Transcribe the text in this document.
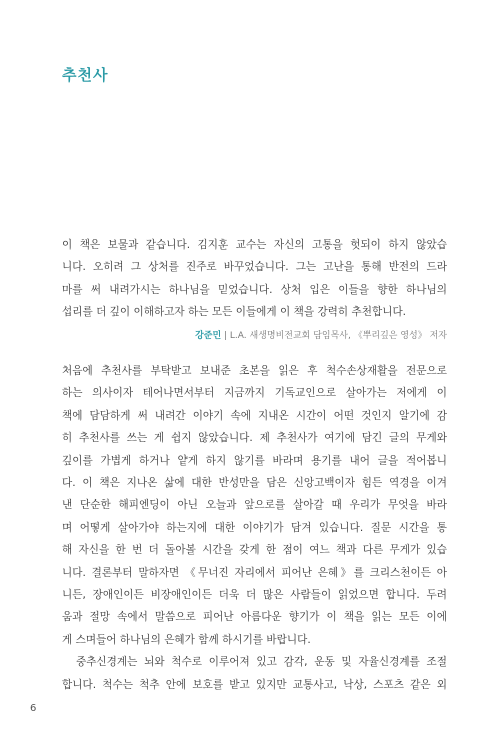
추천사
이 책은 보물과 같습니다. 김지훈 교수는 자신의 고통을 헛되이 하지 않았습
니다. 오히려 그 상처를 진주로 바꾸었습니다. 그는 고난을 통해 반전의 드라
마를 써 내려가시는 하나님을 믿었습니다. 상처 입은 이들을 향한 하나님의
섭리를 더 깊이 이해하고자 하는 모든 이들에게 이 책을 강력히 추천합니다.
강준민 | L.A. 새생명비전교회 담임목사, 《뿌리깊은 영성》 저자
처음에 추천사를 부탁받고 보내준 초본을 읽은 후 척수손상재활을 전문으로
하는 의사이자 테어나면서부터 지금까지 기독교인으로 살아가는 저에게 이
책에 담담하게 써 내려간 이야기 속에 지내온 시간이 어떤 것인지 알기에 감
히 추천사를 쓰는 게 쉽지 않았습니다. 제 추천사가 여기에 담긴 글의 무게와
깊이를 가볍게 하거나 얕게 하지 않기를 바라며 용기를 내어 글을 적어봅니
다. 이 책은 지나온 삶에 대한 반성만을 담은 신앙고백이자 힘든 역경을 이겨
낸 단순한 해피엔딩이 아닌 오늘과 앞으로를 살아갈 때 우리가 무엇을 바라
며 어떻게 살아가야 하는지에 대한 이야기가 담겨 있습니다. 질문 시간을 통
해 자신을 한 번 더 돌아볼 시간을 갖게 한 점이 여느 책과 다른 무게가 있습
니다. 결론부터 말하자면 《무너진 자리에서 피어난 은혜》를 크리스천이든 아
니든, 장애인이든 비장애인이든 더욱 더 많은 사람들이 읽었으면 합니다. 두려
움과 절망 속에서 말씀으로 피어난 아름다운 향기가 이 책을 읽는 모든 이에
게 스며들어 하나님의 은혜가 함께 하시기를 바랍니다.
　중추신경계는 뇌와 척수로 이루어져 있고 감각, 운동 및 자율신경계를 조절
합니다. 척수는 척추 안에 보호를 받고 있지만 교통사고, 낙상, 스포츠 같은 외
6
